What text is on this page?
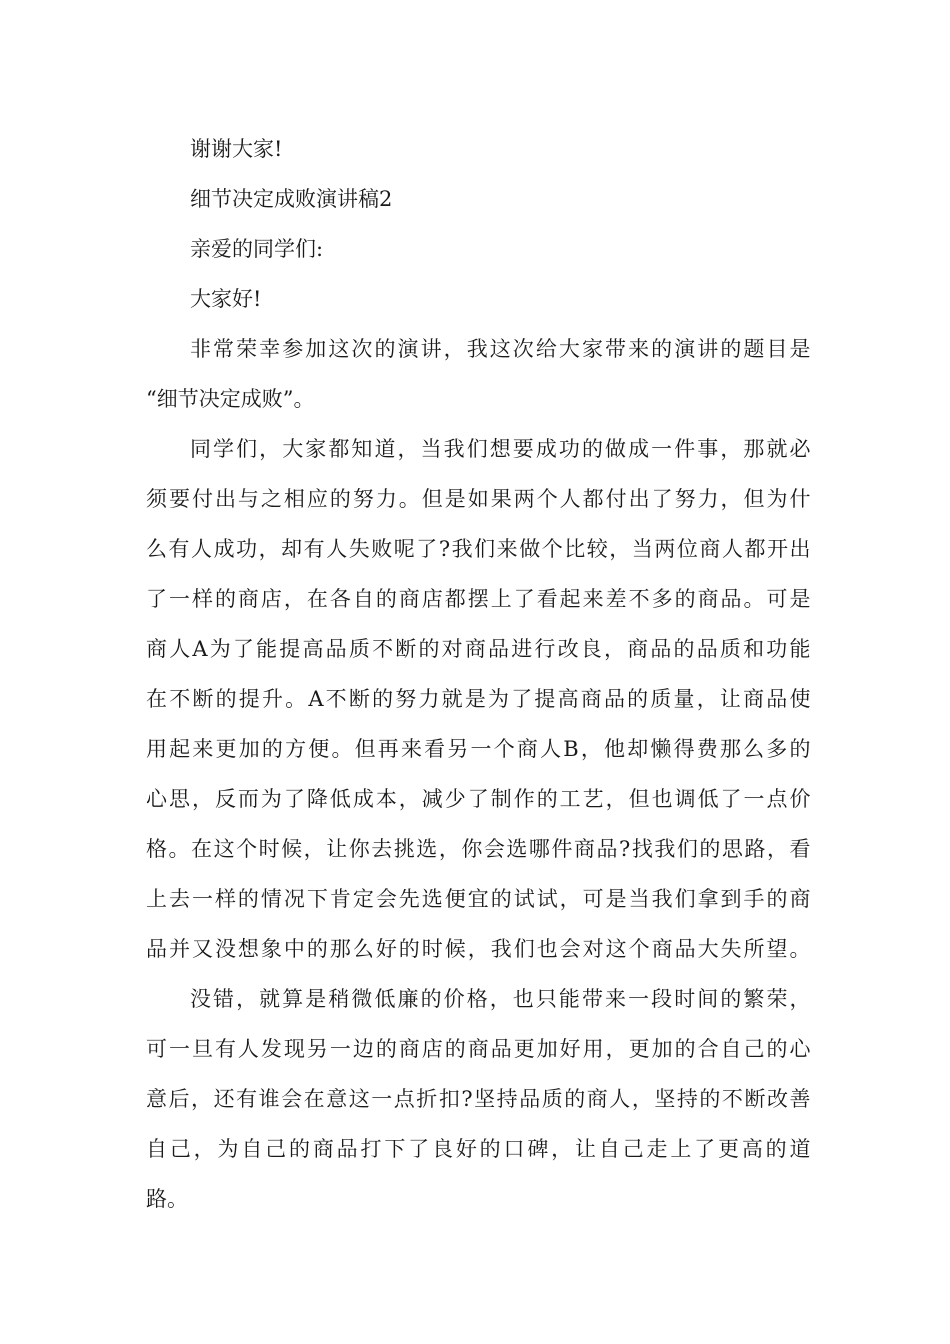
谢谢大家!

细节决定成败演讲稿2

亲爱的同学们:

大家好!

非常荣幸参加这次的演讲，我这次给大家带来的演讲的题目是

“细节决定成败”。

同学们，大家都知道，当我们想要成功的做成一件事，那就必

须要付出与之相应的努力。但是如果两个人都付出了努力，但为什

么有人成功，却有人失败呢了?我们来做个比较，当两位商人都开出

了一样的商店，在各自的商店都摆上了看起来差不多的商品。可是

商人A为了能提高品质不断的对商品进行改良，商品的品质和功能

在不断的提升。A不断的努力就是为了提高商品的质量，让商品使

用起来更加的方便。但再来看另一个商人B，他却懒得费那么多的

心思，反而为了降低成本，减少了制作的工艺，但也调低了一点价

格。在这个时候，让你去挑选，你会选哪件商品?找我们的思路，看

上去一样的情况下肯定会先选便宜的试试，可是当我们拿到手的商

品并又没想象中的那么好的时候，我们也会对这个商品大失所望。

没错，就算是稍微低廉的价格，也只能带来一段时间的繁荣，

可一旦有人发现另一边的商店的商品更加好用，更加的合自己的心

意后，还有谁会在意这一点折扣?坚持品质的商人，坚持的不断改善

自己，为自己的商品打下了良好的口碑，让自己走上了更高的道

路。
